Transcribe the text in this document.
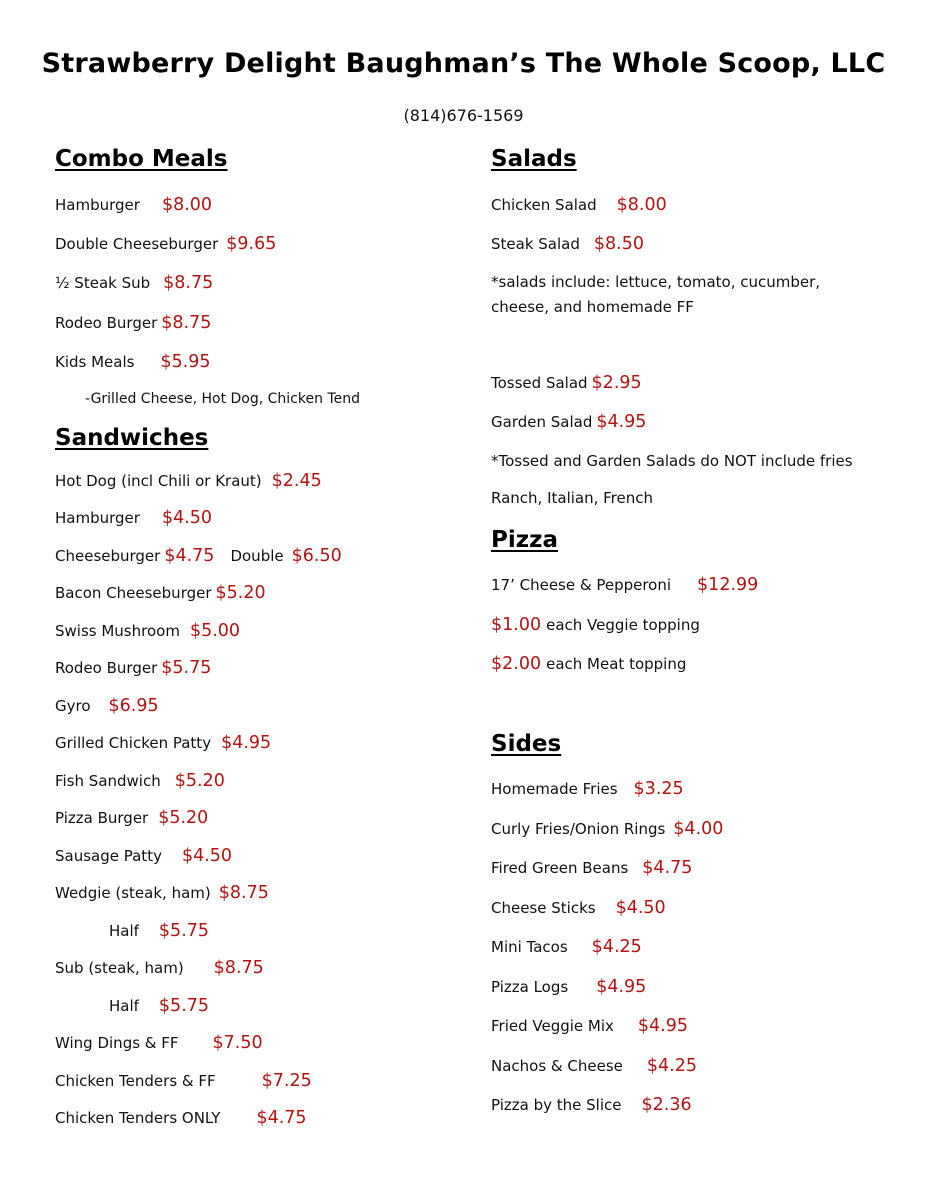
Strawberry Delight Baughman’s The Whole Scoop, LLC
(814)676-1569
Combo Meals
Hamburger $8.00
Double Cheeseburger $9.65
½ Steak Sub $8.75
Rodeo Burger $8.75
Kids Meals $5.95
-Grilled Cheese, Hot Dog, Chicken Tend
Sandwiches
Hot Dog (incl Chili or Kraut) $2.45
Hamburger $4.50
Cheeseburger $4.75 Double $6.50
Bacon Cheeseburger $5.20
Swiss Mushroom $5.00
Rodeo Burger $5.75
Gyro $6.95
Grilled Chicken Patty $4.95
Fish Sandwich $5.20
Pizza Burger $5.20
Sausage Patty $4.50
Wedgie (steak, ham) $8.75
Half $5.75
Sub (steak, ham) $8.75
Half $5.75
Wing Dings & FF $7.50
Chicken Tenders & FF	$7.25
Chicken Tenders ONLY $4.75
Salads
Chicken Salad $8.00
Steak Salad $8.50
*salads include: lettuce, tomato, cucumber,
cheese, and homemade FF
Tossed Salad $2.95
Garden Salad $4.95
*Tossed and Garden Salads do NOT include fries
Ranch, Italian, French
Pizza
17’ Cheese & Pepperoni $12.99
$1.00 each Veggie topping
$2.00 each Meat topping
Sides
Homemade Fries $3.25
Curly Fries/Onion Rings $4.00
Fired Green Beans $4.75
Cheese Sticks $4.50
Mini Tacos $4.25
Pizza Logs $4.95
Fried Veggie Mix $4.95
Nachos & Cheese $4.25
Pizza by the Slice $2.36
